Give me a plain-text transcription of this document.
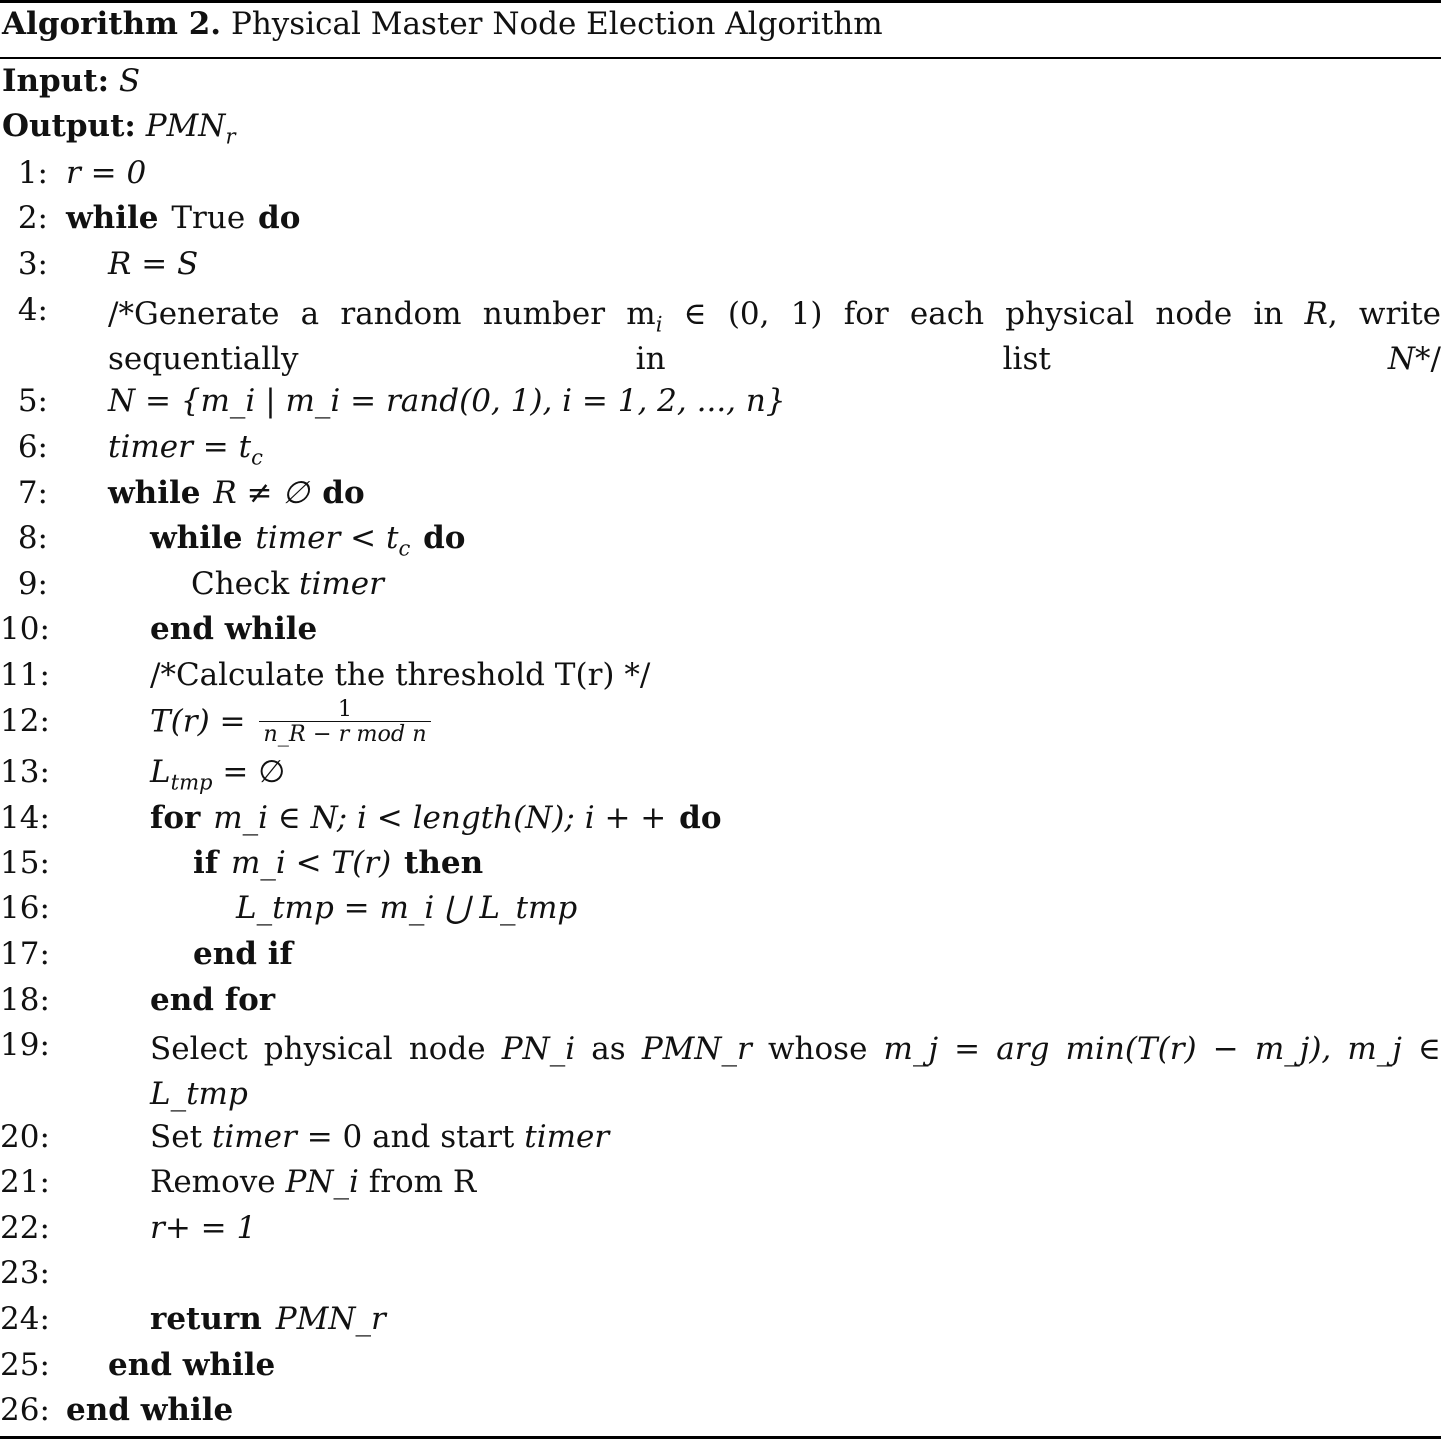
Algorithm 2. Physical Master Node Election Algorithm
Input: S
Output: $PMN_r$
1:
2:
3:
4:
5:
6:
7:
8:
9:
10:
11:
12:
13:
14:
15:
16:
17:
18:
19:
20:
21:
22:
23:
24:
25:
26:
r = 0
while True do
R = S
/*Generate a random number $m_i$ ∈ (0, 1) for each physical node in R, write sequentially in list N*/
N = {m_i | m_i = rand(0, 1), i = 1, 2, ..., n}
timer = $t_c$
while R ≠ ∅ do
while timer < $t_c$ do
Check timer
end while
/*Calculate the threshold T(r) */
$T(r) = \frac{1}{\text{n\_R − r mod n}}$
$L_{tmp}$ = ∅
for m_i ∈ N; i < length(N); i + + do
if m_i < T(r) then
L_tmp = m_i ⋃ L_tmp
end if
end for
Select physical node PN_i as PMN_r whose m_j = arg min(T(r) − m_j), m_j ∈ L_tmp
Set timer = 0 and start timer
Remove PN_i from R
r+ = 1
return PMN_r
end while
end while
